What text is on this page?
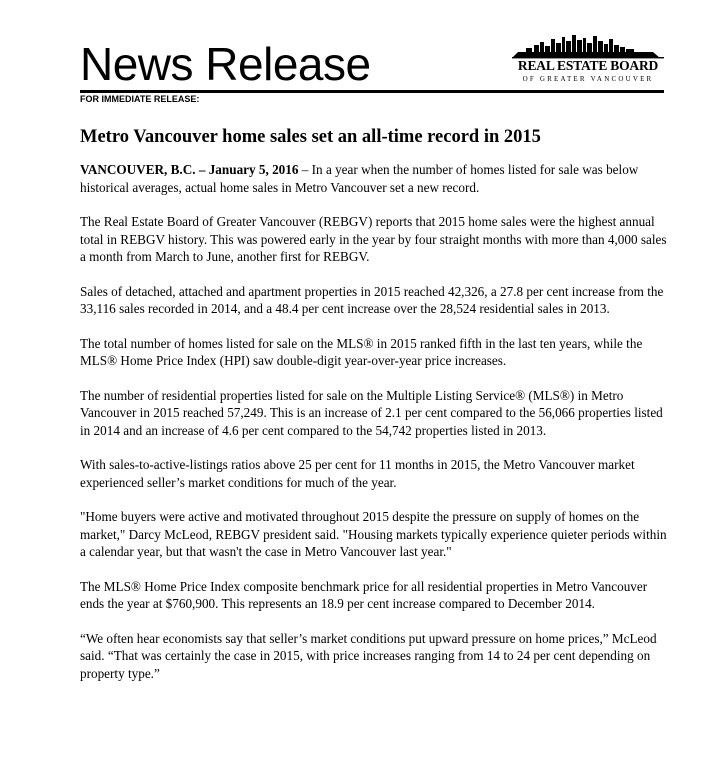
News Release
FOR IMMEDIATE RELEASE:
REAL ESTATE BOARD
OF GREATER VANCOUVER
Metro Vancouver home sales set an all-time record in 2015

VANCOUVER, B.C. – January 5, 2016 – In a year when the number of homes listed for sale was below historical averages, actual home sales in Metro Vancouver set a new record.

The Real Estate Board of Greater Vancouver (REBGV) reports that 2015 home sales were the highest annual total in REBGV history. This was powered early in the year by four straight months with more than 4,000 sales a month from March to June, another first for REBGV.

Sales of detached, attached and apartment properties in 2015 reached 42,326, a 27.8 per cent increase from the 33,116 sales recorded in 2014, and a 48.4 per cent increase over the 28,524 residential sales in 2013.

The total number of homes listed for sale on the MLS® in 2015 ranked fifth in the last ten years, while the MLS® Home Price Index (HPI) saw double-digit year-over-year price increases.

The number of residential properties listed for sale on the Multiple Listing Service® (MLS®) in Metro Vancouver in 2015 reached 57,249. This is an increase of 2.1 per cent compared to the 56,066 properties listed in 2014 and an increase of 4.6 per cent compared to the 54,742 properties listed in 2013.

With sales-to-active-listings ratios above 25 per cent for 11 months in 2015, the Metro Vancouver market experienced seller’s market conditions for much of the year.

"Home buyers were active and motivated throughout 2015 despite the pressure on supply of homes on the market," Darcy McLeod, REBGV president said. "Housing markets typically experience quieter periods within a calendar year, but that wasn't the case in Metro Vancouver last year."

The MLS® Home Price Index composite benchmark price for all residential properties in Metro Vancouver ends the year at $760,900. This represents an 18.9 per cent increase compared to December 2014.

“We often hear economists say that seller’s market conditions put upward pressure on home prices,” McLeod said. “That was certainly the case in 2015, with price increases ranging from 14 to 24 per cent depending on property type.”
